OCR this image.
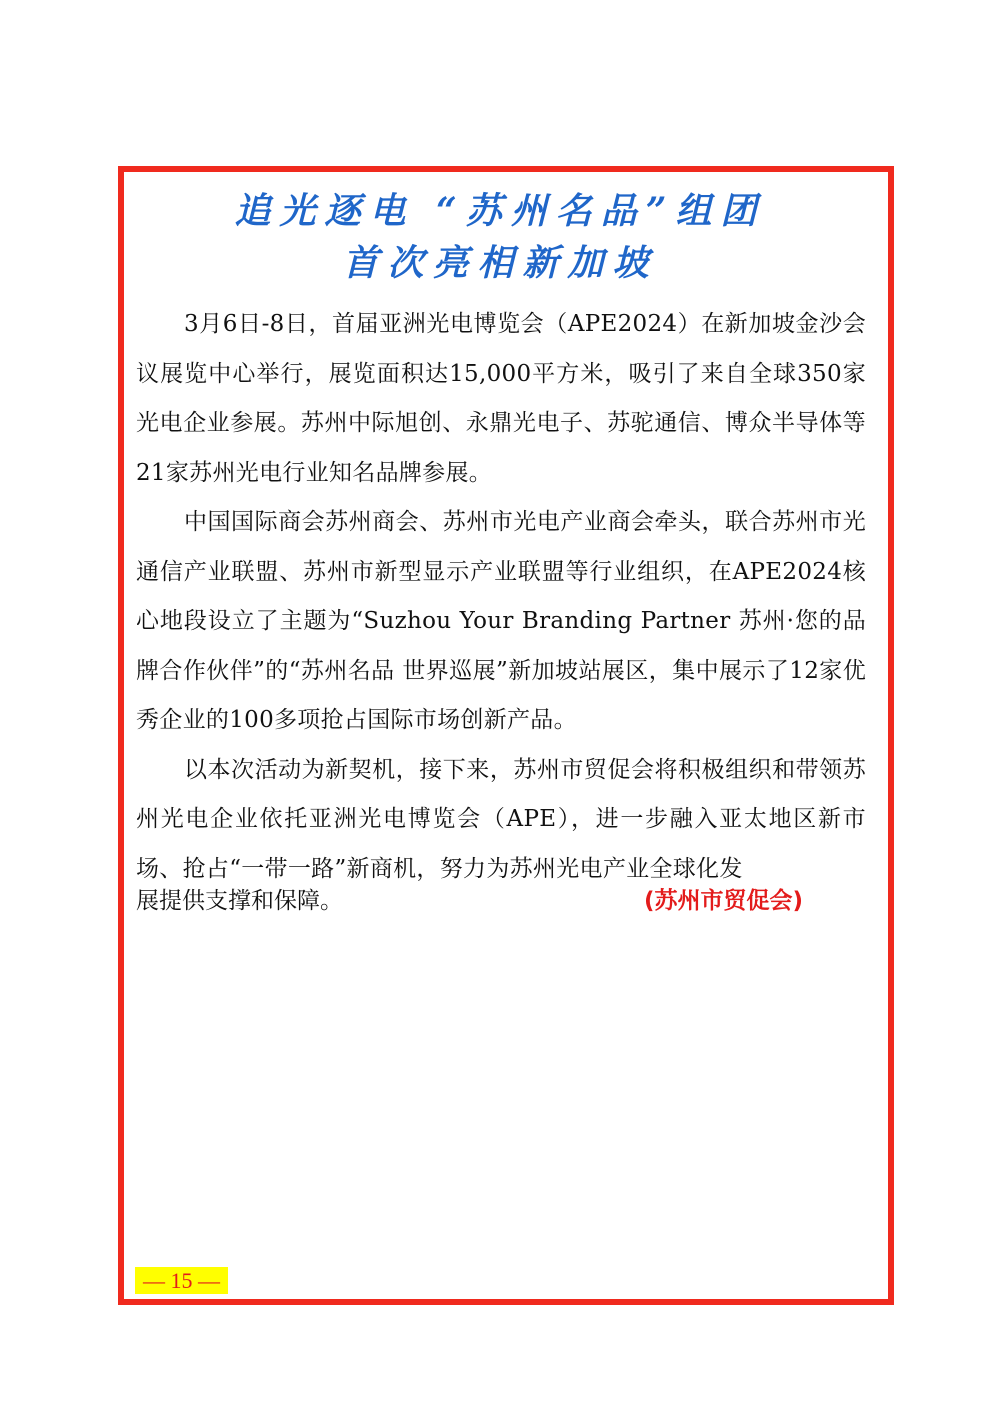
追光逐电 “苏州名品”组团
首次亮相新加坡

3月6日-8日，首届亚洲光电博览会（APE2024）在新加坡金沙会议展览中心举行，展览面积达15,000平方米，吸引了来自全球350家光电企业参展。苏州中际旭创、永鼎光电子、苏驼通信、博众半导体等21家苏州光电行业知名品牌参展。

中国国际商会苏州商会、苏州市光电产业商会牵头，联合苏州市光通信产业联盟、苏州市新型显示产业联盟等行业组织，在APE2024核心地段设立了主题为“Suzhou Your Branding Partner 苏州·您的品牌合作伙伴”的“苏州名品 世界巡展”新加坡站展区，集中展示了12家优秀企业的100多项抢占国际市场创新产品。

以本次活动为新契机，接下来，苏州市贸促会将积极组织和带领苏州光电企业依托亚洲光电博览会（APE），进一步融入亚太地区新市场、抢占“一带一路”新商机，努力为苏州光电产业全球化发

展提供支撑和保障。	(苏州市贸促会)
— 15 —
